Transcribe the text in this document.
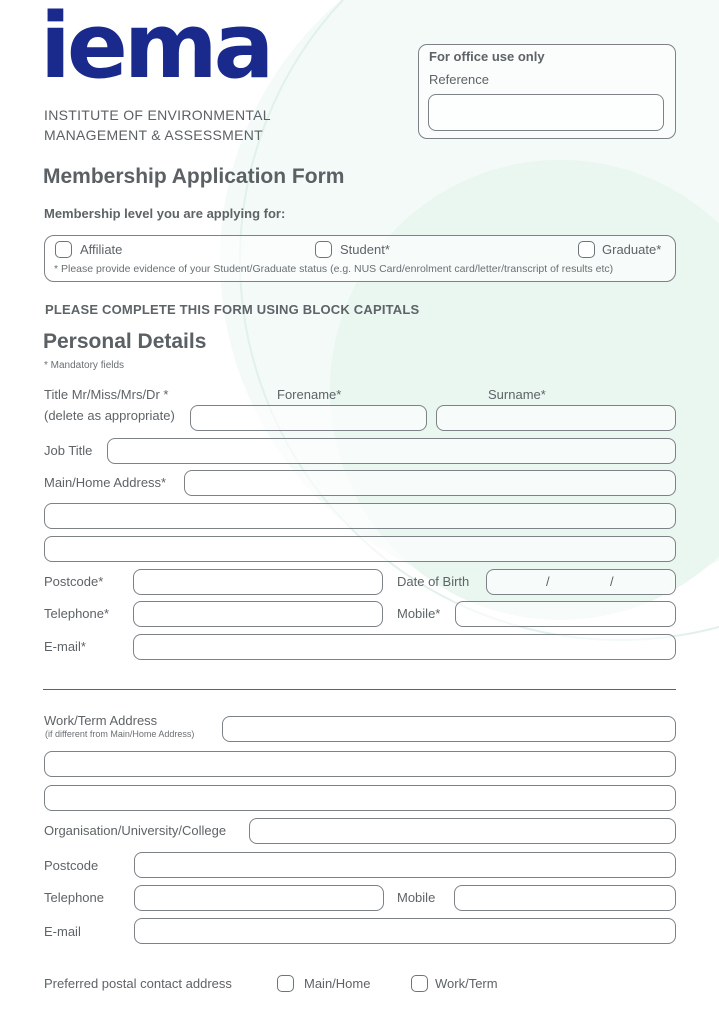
iema
INSTITUTE OF ENVIRONMENTAL
MANAGEMENT & ASSESSMENT
For office use only
Reference
Membership Application Form
Membership level you are applying for:
Affiliate	Student*	Graduate*
* Please provide evidence of your Student/Graduate status (e.g. NUS Card/enrolment card/letter/transcript of results etc)
PLEASE COMPLETE THIS FORM USING BLOCK CAPITALS
Personal Details
* Mandatory fields
Title Mr/Miss/Mrs/Dr *
(delete as appropriate)
Forename*	Surname*
Job Title
Main/Home Address*
Postcode*	Date of Birth	/	/
Telephone*	Mobile*
E-mail*
Work/Term Address
(if different from Main/Home Address)
Organisation/University/College
Postcode
Telephone	Mobile
E-mail
Preferred postal contact address	Main/Home	Work/Term
